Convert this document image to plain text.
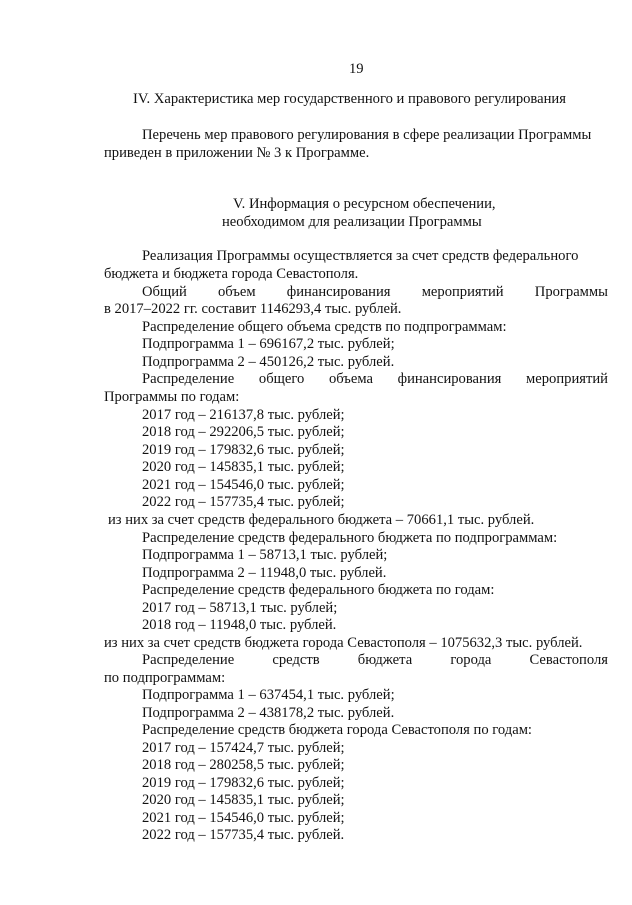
19
IV. Характеристика мер государственного и правового регулирования
Перечень мер правового регулирования в сфере реализации Программы
приведен в приложении № 3 к Программе.
V. Информация о ресурсном обеспечении,
необходимом для реализации Программы
Реализация Программы осуществляется за счет средств федерального
бюджета и бюджета города Севастополя.
Общий объем финансирования мероприятий Программы
в 2017–2022 гг. составит 1146293,4 тыс. рублей.
Распределение общего объема средств по подпрограммам:
Подпрограмма 1 – 696167,2 тыс. рублей;
Подпрограмма 2 – 450126,2 тыс. рублей.
Распределение общего объема финансирования мероприятий
Программы по годам:
2017 год – 216137,8 тыс. рублей;
2018 год – 292206,5 тыс. рублей;
2019 год – 179832,6 тыс. рублей;
2020 год – 145835,1 тыс. рублей;
2021 год – 154546,0 тыс. рублей;
2022 год – 157735,4 тыс. рублей;
из них за счет средств федерального бюджета – 70661,1 тыс. рублей.
Распределение средств федерального бюджета по подпрограммам:
Подпрограмма 1 – 58713,1 тыс. рублей;
Подпрограмма 2 – 11948,0 тыс. рублей.
Распределение средств федерального бюджета по годам:
2017 год – 58713,1 тыс. рублей;
2018 год – 11948,0 тыс. рублей.
из них за счет средств бюджета города Севастополя – 1075632,3 тыс. рублей.
Распределение	средств	бюджета	города	Севастополя
по подпрограммам:
Подпрограмма 1 – 637454,1 тыс. рублей;
Подпрограмма 2 – 438178,2 тыс. рублей.
Распределение средств бюджета города Севастополя по годам:
2017 год – 157424,7 тыс. рублей;
2018 год – 280258,5 тыс. рублей;
2019 год – 179832,6 тыс. рублей;
2020 год – 145835,1 тыс. рублей;
2021 год – 154546,0 тыс. рублей;
2022 год – 157735,4 тыс. рублей.
